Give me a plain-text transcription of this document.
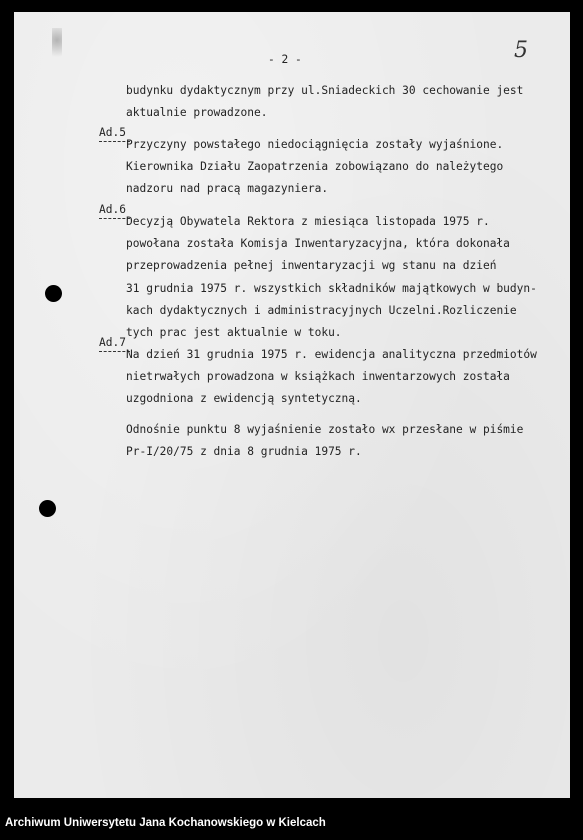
- 2 -	5
budynku dydaktycznym przy ul.Sniadeckich 30 cechowanie jest
aktualnie prowadzone.
Ad.5
Przyczyny powstałego niedociągnięcia zostały wyjaśnione.
Kierownika Działu Zaopatrzenia zobowiązano do należytego
nadzoru nad pracą magazyniera.
Ad.6
Decyzją Obywatela Rektora z miesiąca listopada 1975 r.
powołana została Komisja Inwentaryzacyjna, która dokonała
przeprowadzenia pełnej inwentaryzacji wg stanu na dzień
31 grudnia 1975 r. wszystkich składników majątkowych w budyn-
kach dydaktycznych i administracyjnych Uczelni.Rozliczenie
tych prac jest aktualnie w toku.
Ad.7
Na dzień 31 grudnia 1975 r. ewidencja analityczna przedmiotów
nietrwałych prowadzona w książkach inwentarzowych została
uzgodniona z ewidencją syntetyczną.
Odnośnie punktu 8 wyjaśnienie zostało wx przesłane w piśmie
Pr-I/20/75 z dnia 8 grudnia 1975 r.
Archiwum Uniwersytetu Jana Kochanowskiego w Kielcach
